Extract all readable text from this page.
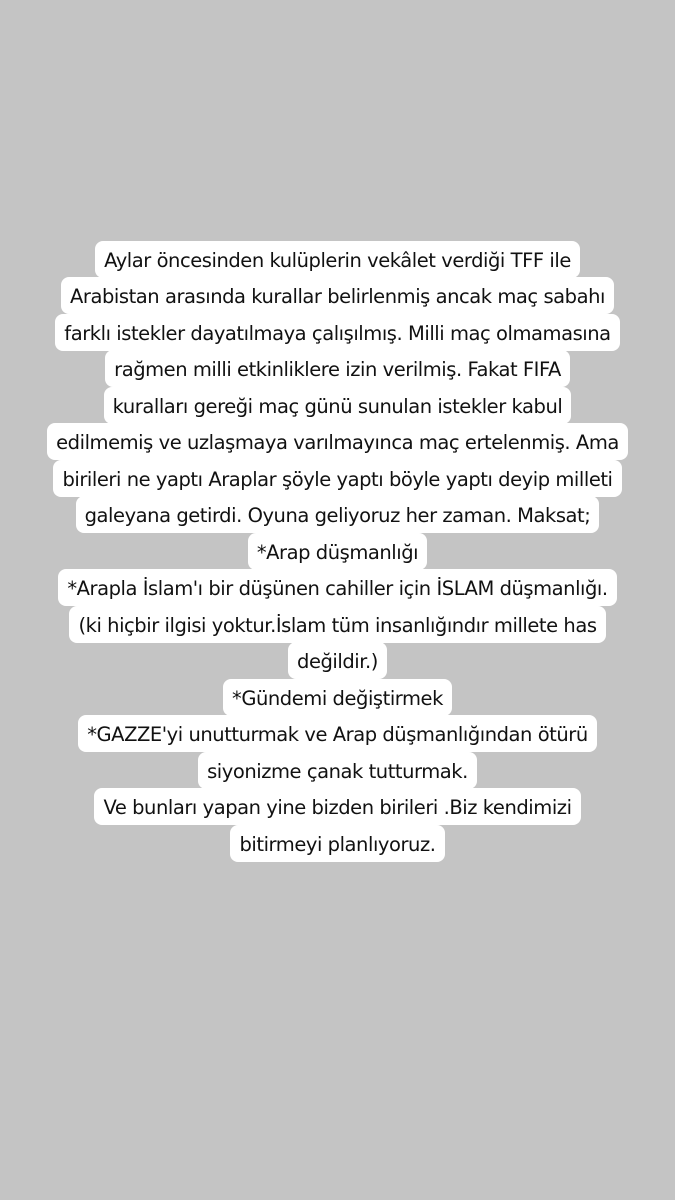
Aylar öncesinden kulüplerin vekâlet verdiği TFF ile
Arabistan arasında kurallar belirlenmiş ancak maç sabahı
farklı istekler dayatılmaya çalışılmış. Milli maç olmamasına
rağmen milli etkinliklere izin verilmiş. Fakat FIFA
kuralları gereği maç günü sunulan istekler kabul
edilmemiş ve uzlaşmaya varılmayınca maç ertelenmiş. Ama
birileri ne yaptı Araplar şöyle yaptı böyle yaptı deyip milleti
galeyana getirdi. Oyuna geliyoruz her zaman. Maksat;
*Arap düşmanlığı
*Arapla İslam'ı bir düşünen cahiller için İSLAM düşmanlığı.
(ki hiçbir ilgisi yoktur.İslam tüm insanlığındır millete has
değildir.)
*Gündemi değiştirmek
*GAZZE'yi unutturmak ve Arap düşmanlığından ötürü
siyonizme çanak tutturmak.
Ve bunları yapan yine bizden birileri .Biz kendimizi
bitirmeyi planlıyoruz.
